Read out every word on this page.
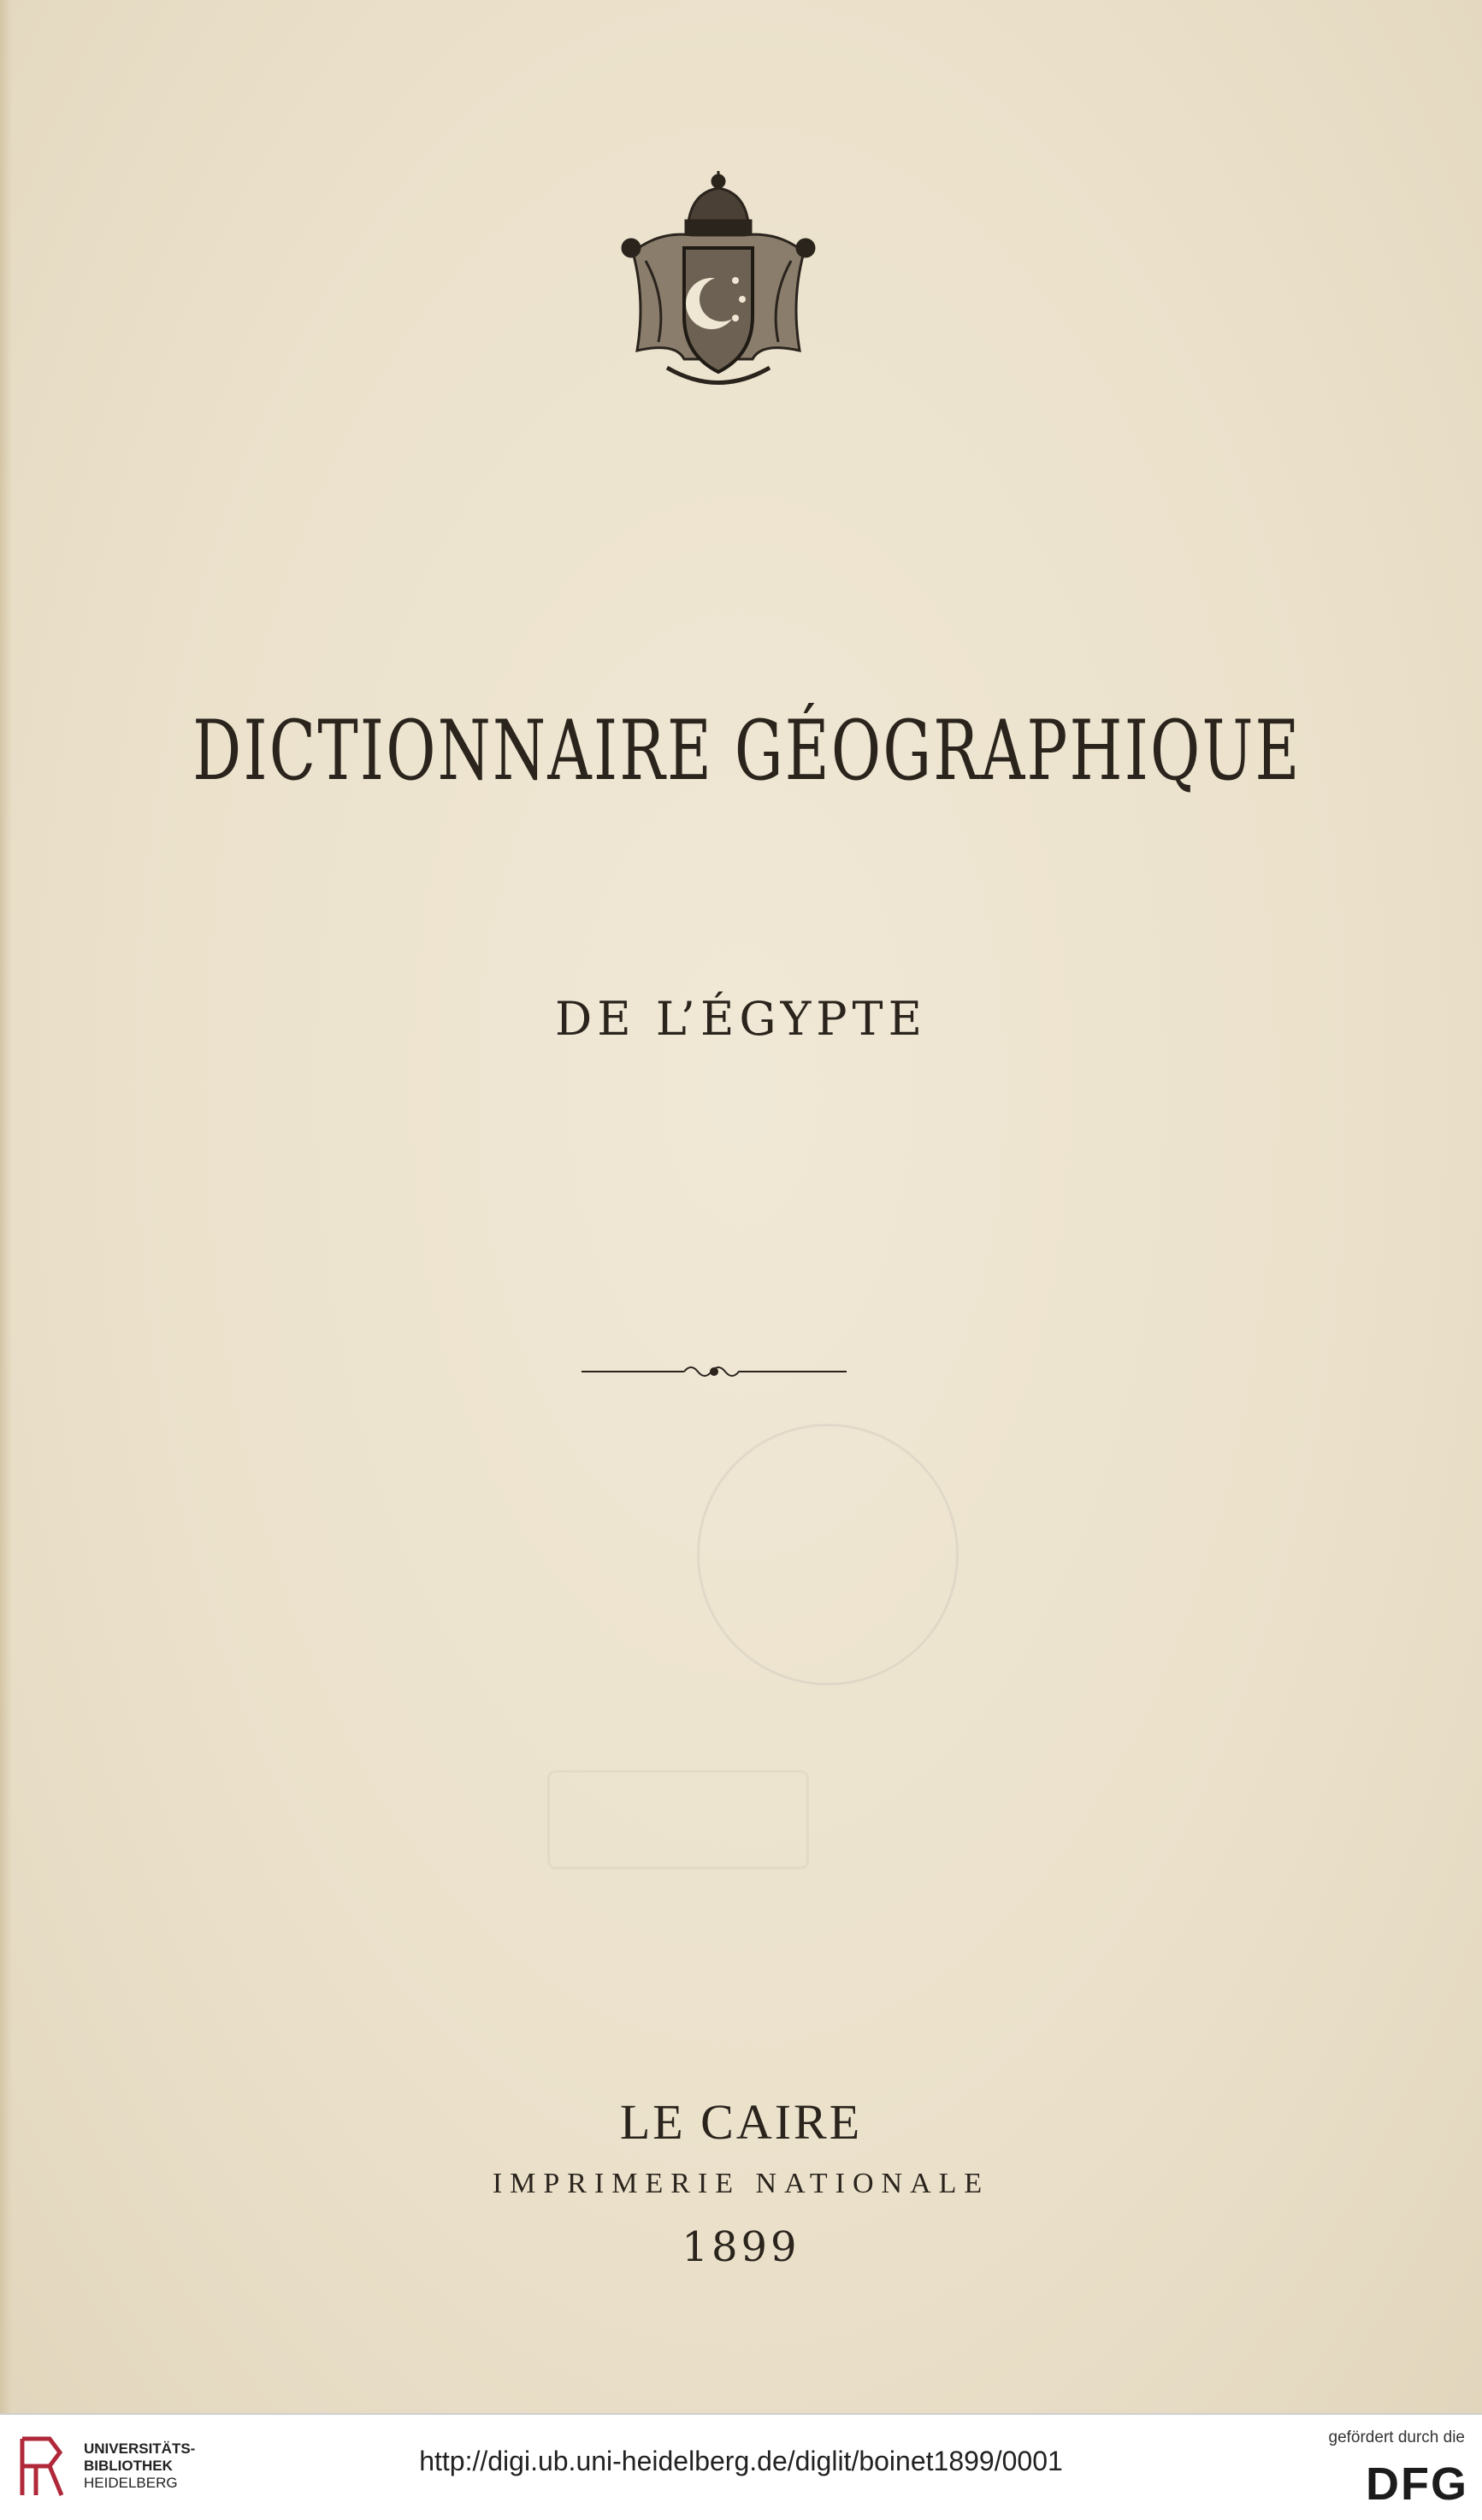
DICTIONNAIRE GÉOGRAPHIQUE
DE L’ÉGYPTE
LE CAIRE
IMPRIMERIE NATIONALE
1899
UNIVERSITÄTS-
BIBLIOTHEK
HEIDELBERG
http://digi.ub.uni-heidelberg.de/diglit/boinet1899/0001
gefördert durch die
DFG
